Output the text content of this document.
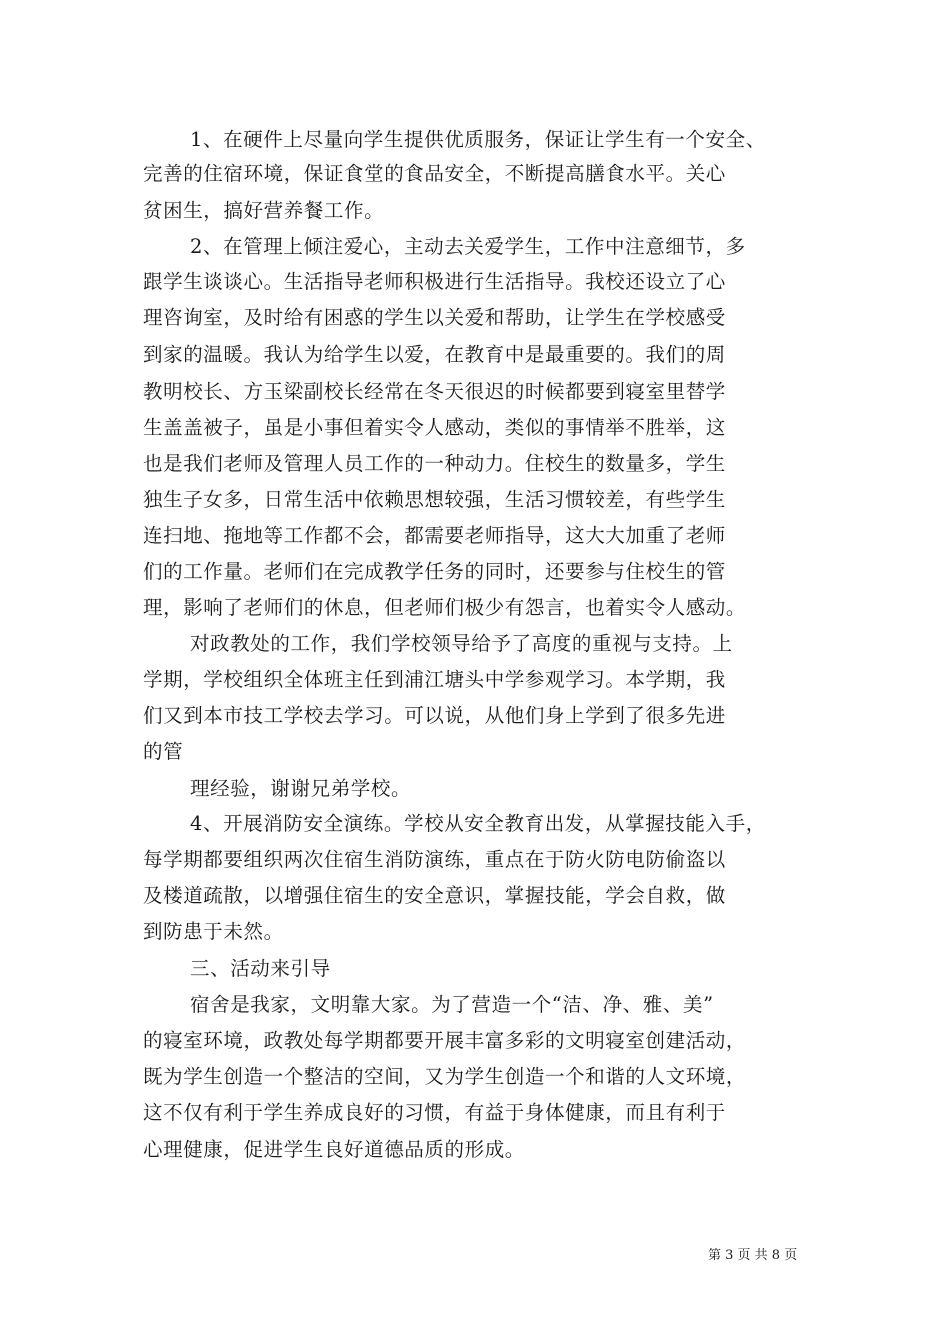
1、在硬件上尽量向学生提供优质服务，保证让学生有一个安全、
完善的住宿环境，保证食堂的食品安全，不断提高膳食水平。关心
贫困生，搞好营养餐工作。
2、在管理上倾注爱心，主动去关爱学生，工作中注意细节，多
跟学生谈谈心。生活指导老师积极进行生活指导。我校还设立了心
理咨询室，及时给有困惑的学生以关爱和帮助，让学生在学校感受
到家的温暖。我认为给学生以爱，在教育中是最重要的。我们的周
教明校长、方玉梁副校长经常在冬天很迟的时候都要到寝室里替学
生盖盖被子，虽是小事但着实令人感动，类似的事情举不胜举，这
也是我们老师及管理人员工作的一种动力。住校生的数量多，学生
独生子女多，日常生活中依赖思想较强，生活习惯较差，有些学生
连扫地、拖地等工作都不会，都需要老师指导，这大大加重了老师
们的工作量。老师们在完成教学任务的同时，还要参与住校生的管
理，影响了老师们的休息，但老师们极少有怨言，也着实令人感动。
对政教处的工作，我们学校领导给予了高度的重视与支持。上
学期，学校组织全体班主任到浦江塘头中学参观学习。本学期，我
们又到本市技工学校去学习。可以说，从他们身上学到了很多先进
的管
理经验，谢谢兄弟学校。
4、开展消防安全演练。学校从安全教育出发，从掌握技能入手，
每学期都要组织两次住宿生消防演练，重点在于防火防电防偷盗以
及楼道疏散，以增强住宿生的安全意识，掌握技能，学会自救，做
到防患于未然。
三、活动来引导
宿舍是我家，文明靠大家。为了营造一个“洁、净、雅、美”
的寝室环境，政教处每学期都要开展丰富多彩的文明寝室创建活动，
既为学生创造一个整洁的空间，又为学生创造一个和谐的人文环境，
这不仅有利于学生养成良好的习惯，有益于身体健康，而且有利于
心理健康，促进学生良好道德品质的形成。
第 3 页 共 8 页
